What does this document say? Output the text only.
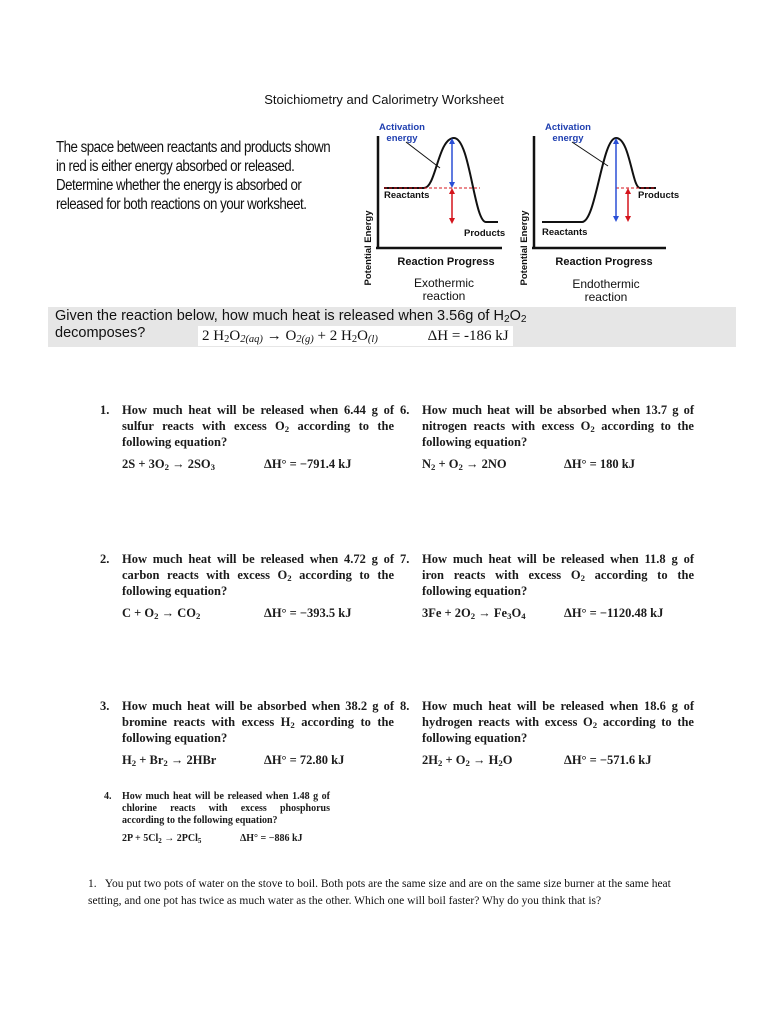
Stoichiometry and Calorimetry Worksheet
The space between reactants and products shown
in red is either energy absorbed or released.
Determine whether the energy is absorbed or
released for both reactions on your worksheet.
Activation
energy
Potential Energy
Reactants
Products
Reaction Progress
Exothermic
reaction
Activation
energy
Potential Energy Reactants
Products
Reaction Progress
Endothermic
reaction
Given the reaction below, how much heat is released when 3.56g of $H_2O_2$
decomposes?	2 $H_2O_{2(aq)} \to O_{2(g)} + 2$ $H_2O_{(l)}$	ΔH = -186 kJ
1. How much heat will be released when 6.44 g of sulfur reacts with excess $O_2$ according to the following equation?
$2S + 3O_2 \to 2SO_3$	ΔH° = −791.4 kJ
6. How much heat will be absorbed when 13.7 g of nitrogen reacts with excess $O_2$ according to the following equation?
$N_2 + O_2 \to 2NO$	ΔH° = 180 kJ
2. How much heat will be released when 4.72 g of carbon reacts with excess $O_2$ according to the following equation?
$C + O_2 \to CO_2$	ΔH° = −393.5 kJ
7. How much heat will be released when 11.8 g of iron reacts with excess $O_2$ according to the following equation?
$3Fe + 2O_2 \to Fe_3O_4$	ΔH° = −1120.48 kJ
3. How much heat will be absorbed when 38.2 g of bromine reacts with excess $H_2$ according to the following equation?
$H_2 + Br_2 \to 2HBr$	ΔH° = 72.80 kJ
8. How much heat will be released when 18.6 g of hydrogen reacts with excess $O_2$ according to the following equation?
$2H_2 + O_2 \to H_2O$	ΔH° = −571.6 kJ
4. How much heat will be released when 1.48 g of chlorine reacts with excess phosphorus according to the following equation?
$2P + 5Cl_2 \to 2PCl_5$	ΔH° = −886 kJ
1. You put two pots of water on the stove to boil. Both pots are the same size and are on the same size burner at the same heat setting, and one pot has twice as much water as the other. Which one will boil faster? Why do you think that is?
